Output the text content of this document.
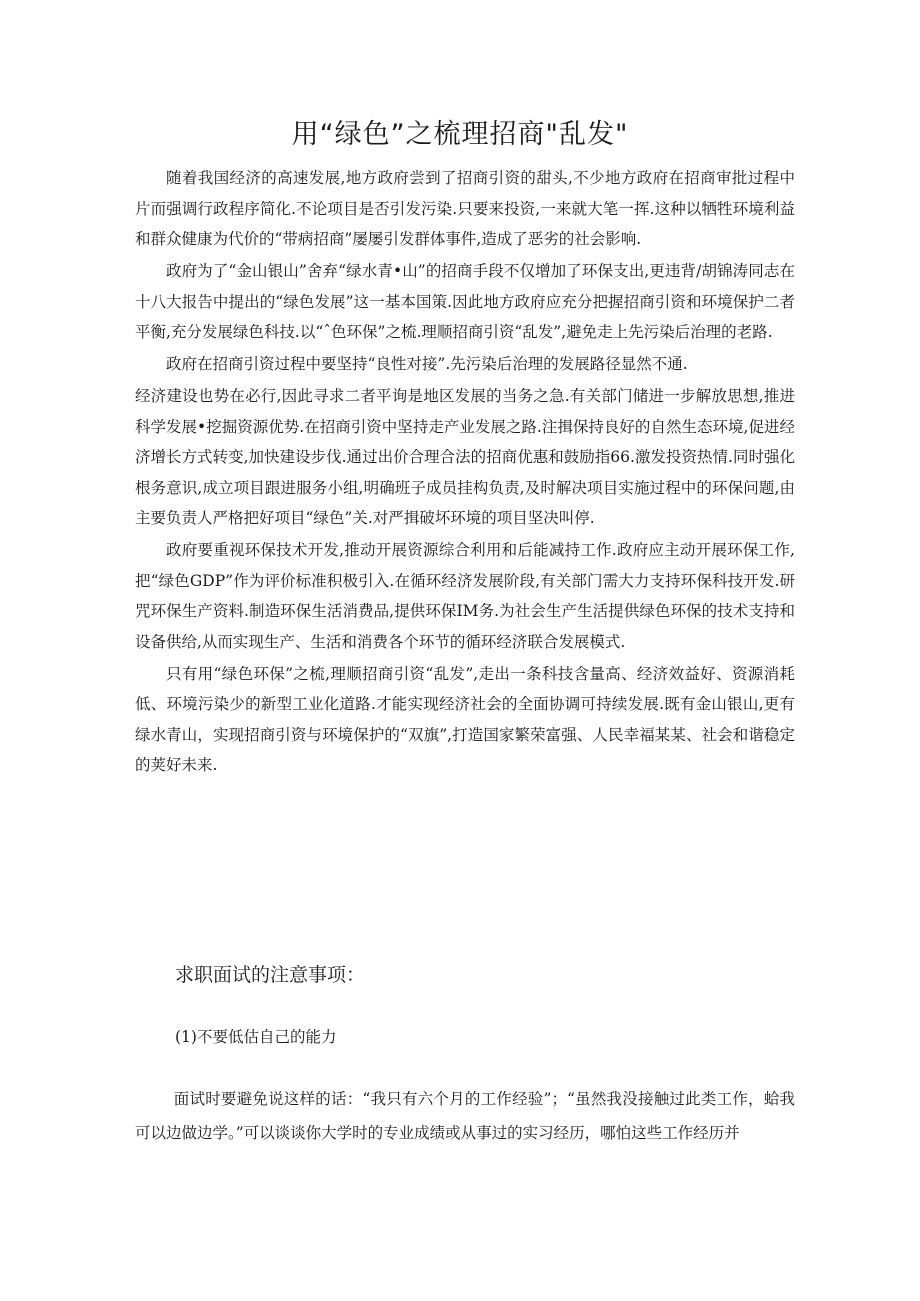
用“绿色”之梳理招商"乱发"

随着我国经济的高速发展,地方政府尝到了招商引资的甜头,不少地方政府在招商审批过程中片而强调行政程序简化.不论项目是否引发污染.只要来投资,一来就大笔一挥.这种以牺牲环境利益和群众健康为代价的“带病招商”屡屡引发群体事件,造成了恶劣的社会影响.

政府为了“金山银山”舍弃“绿水青•山”的招商手段不仅增加了环保支出,更违背/胡锦涛同志在十八大报告中提出的“绿色发展”这一基本国策.因此地方政府应充分把握招商引资和环境保护二者平衡,充分发展绿色科技.以“ˆ色环保”之梳.理顺招商引资“乱发”,避免走上先污染后治理的老路.

政府在招商引资过程中要坚持“良性对接”.先污染后治理的发展路径显然不通.

经济建设也势在必行,因此寻求二者平询是地区发展的当务之急.有关部门储进一步解放思想,推进科学发展•挖掘资源优势.在招商引资中坚持走产业发展之路.注揖保持良好的自然生态环境,促进经济增长方式转变,加快建设步伐.通过出价合理合法的招商优惠和鼓励指66.激发投资热情.同时强化根务意识,成立项目跟进服务小组,明确班子成员挂构负责,及时解决项目实施过程中的环保问题,由主要负责人严格把好项目“绿色”关.对严揖破坏环境的项目坚决叫停.

政府要重视环保技术开发,推动开展资源综合利用和后能减持工作.政府应主动开展环保工作,把“绿色GDP”作为评价标准积极引入.在循环经济发展阶段,有关部门需大力支持环保科技开发.研咒环保生产资料.制造环保生活消费品,提供环保IM务.为社会生产生活提供绿色环保的技术支持和设备供给,从而实现生产、生活和消费各个环节的循环经济联合发展模式.

只有用“绿色环保”之梳,理顺招商引资“乱发”,走出一条科技含量高、经济效益好、资源消耗低、环境污染少的新型工业化道路.才能实现经济社会的全面协调可持续发展.既有金山银山,更有绿水青山，实现招商引资与环境保护的“双旗”,打造国家繁荣富强、人民幸福某某、社会和谐稳定的荚好未来.

求职面试的注意事项：

(1)不要低估自己的能力

面试时要避免说这样的话：“我只有六个月的工作经验”；“虽然我没接触过此类工作，蛤我可以边做边学。”可以谈谈你大学时的专业成绩或从事过的实习经历，哪怕这些工作经历并
